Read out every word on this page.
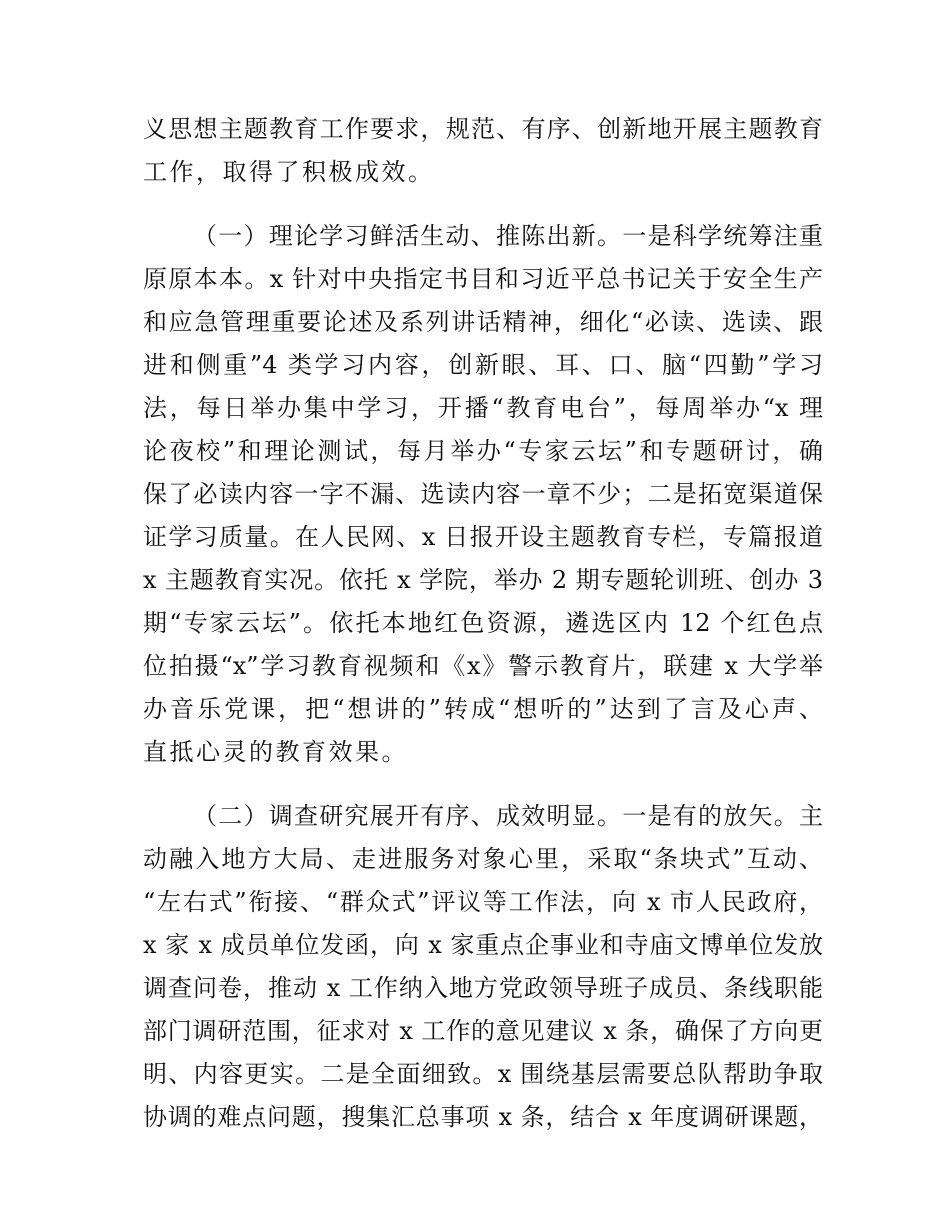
义思想主题教育工作要求，规范、有序、创新地开展主题教育
工作，取得了积极成效。
（一）理论学习鲜活生动、推陈出新。一是科学统筹注重
原原本本。x 针对中央指定书目和习近平总书记关于安全生产
和应急管理重要论述及系列讲话精神，细化“必读、选读、跟
进和侧重”4 类学习内容，创新眼、耳、口、脑“四勤”学习
法，每日举办集中学习，开播“教育电台”，每周举办“x 理
论夜校”和理论测试，每月举办“专家云坛”和专题研讨，确
保了必读内容一字不漏、选读内容一章不少；二是拓宽渠道保
证学习质量。在人民网、x 日报开设主题教育专栏，专篇报道
x 主题教育实况。依托 x 学院，举办 2 期专题轮训班、创办 3
期“专家云坛”。依托本地红色资源，遴选区内 12 个红色点
位拍摄“x”学习教育视频和《x》警示教育片，联建 x 大学举
办音乐党课，把“想讲的”转成“想听的”达到了言及心声、
直抵心灵的教育效果。
（二）调查研究展开有序、成效明显。一是有的放矢。主
动融入地方大局、走进服务对象心里，采取“条块式”互动、
“左右式”衔接、“群众式”评议等工作法，向 x 市人民政府，
x 家 x 成员单位发函，向 x 家重点企事业和寺庙文博单位发放
调查问卷，推动 x 工作纳入地方党政领导班子成员、条线职能
部门调研范围，征求对 x 工作的意见建议 x 条，确保了方向更
明、内容更实。二是全面细致。x 围绕基层需要总队帮助争取
协调的难点问题，搜集汇总事项 x 条，结合 x 年度调研课题，
